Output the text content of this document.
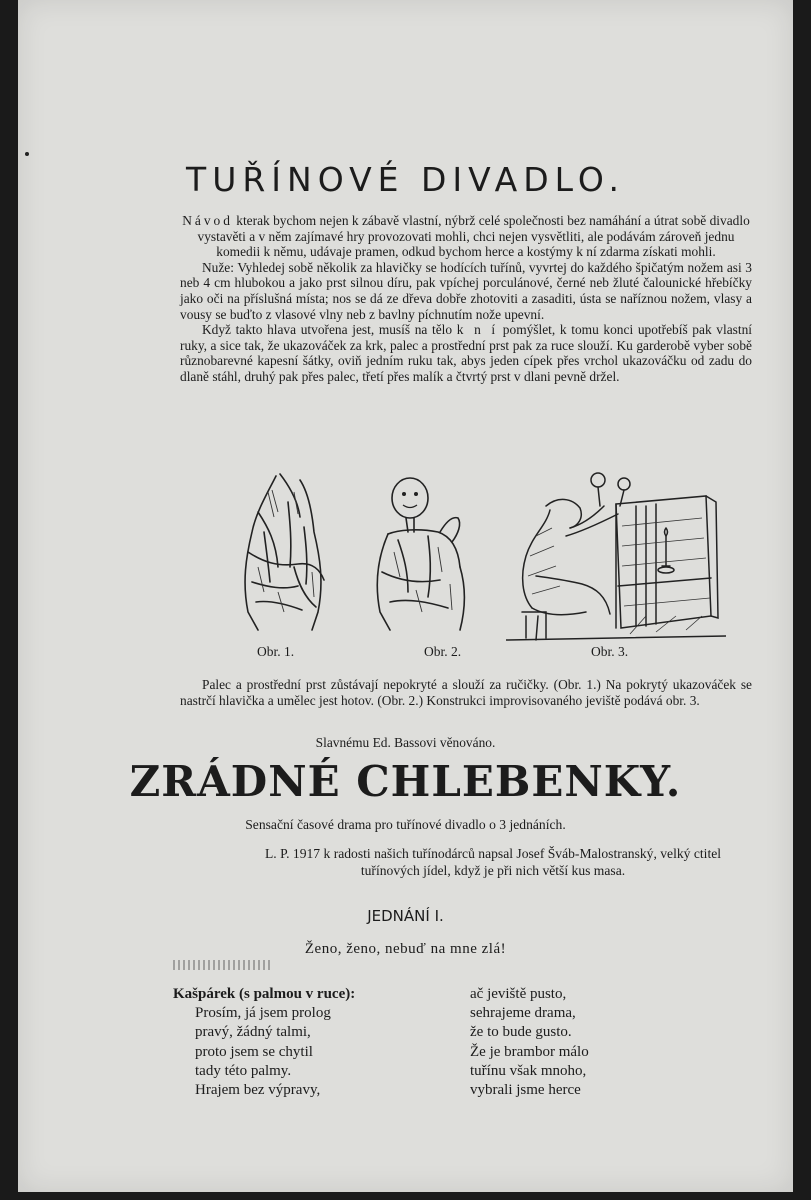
TUŘÍNOVÉ DIVADLO.

Návod kterak bychom nejen k zábavě vlastní, nýbrž celé společnosti bez namáhání a útrat sobě divadlo vystavěti a v něm zajímavé hry provozovati mohli, chci nejen vysvětliti, ale podávám zároveň jednu komedii k němu, udávaje pramen, odkud bychom herce a kostýmy k ní zdarma získati mohli.

Nuže: Vyhledej sobě několik za hlavičky se hodících tuřínů, vyvrtej do každého špičatým nožem asi 3 neb 4 cm hlubokou a jako prst silnou díru, pak vpíchej porculánové, černé neb žluté čalounické hřebíčky jako oči na příslušná místa; nos se dá ze dřeva dobře zhotoviti a zasaditi, ústa se naříznou nožem, vlasy a vousy se buďto z vlasové vlny neb z bavlny píchnutím nože upevní.

Když takto hlava utvořena jest, musíš na tělo k n í pomýšlet, k tomu konci upotřebíš pak vlastní ruky, a sice tak, že ukazováček za krk, palec a prostřední prst pak za ruce slouží. Ku garderobě vyber sobě různobarevné kapesní šátky, oviň jedním ruku tak, abys jeden cípek přes vrchol ukazováčku od zadu do dlaně stáhl, druhý pak přes palec, třetí přes malík a čtvrtý prst v dlani pevně držel.

Obr. 1.	Obr. 2.	Obr. 3.

Palec a prostřední prst zůstávají nepokryté a slouží za ručičky. (Obr. 1.) Na pokrytý ukazováček se nastrčí hlavička a umělec jest hotov. (Obr. 2.) Konstrukci improvisovaného jeviště podává obr. 3.

Slavnému Ed. Bassovi věnováno.
ZRÁDNÉ CHLEBENKY.
Sensační časové drama pro tuřínové divadlo o 3 jednáních.

L. P. 1917 k radosti našich tuřínodárců napsal Josef Šváb-Malostranský, velký ctitel tuřínových jídel, když je při nich větší kus masa.

JEDNÁNÍ I.
Ženo, ženo, nebuď na mne zlá!
Kašpárek (s palmou v ruce):
Prosím, já jsem prolog
pravý, žádný talmi,
proto jsem se chytil
tady této palmy.
Hrajem bez výpravy,
ač jeviště pusto,
sehrajeme drama,
že to bude gusto.
Že je brambor málo
tuřínu však mnoho,
vybrali jsme herce
